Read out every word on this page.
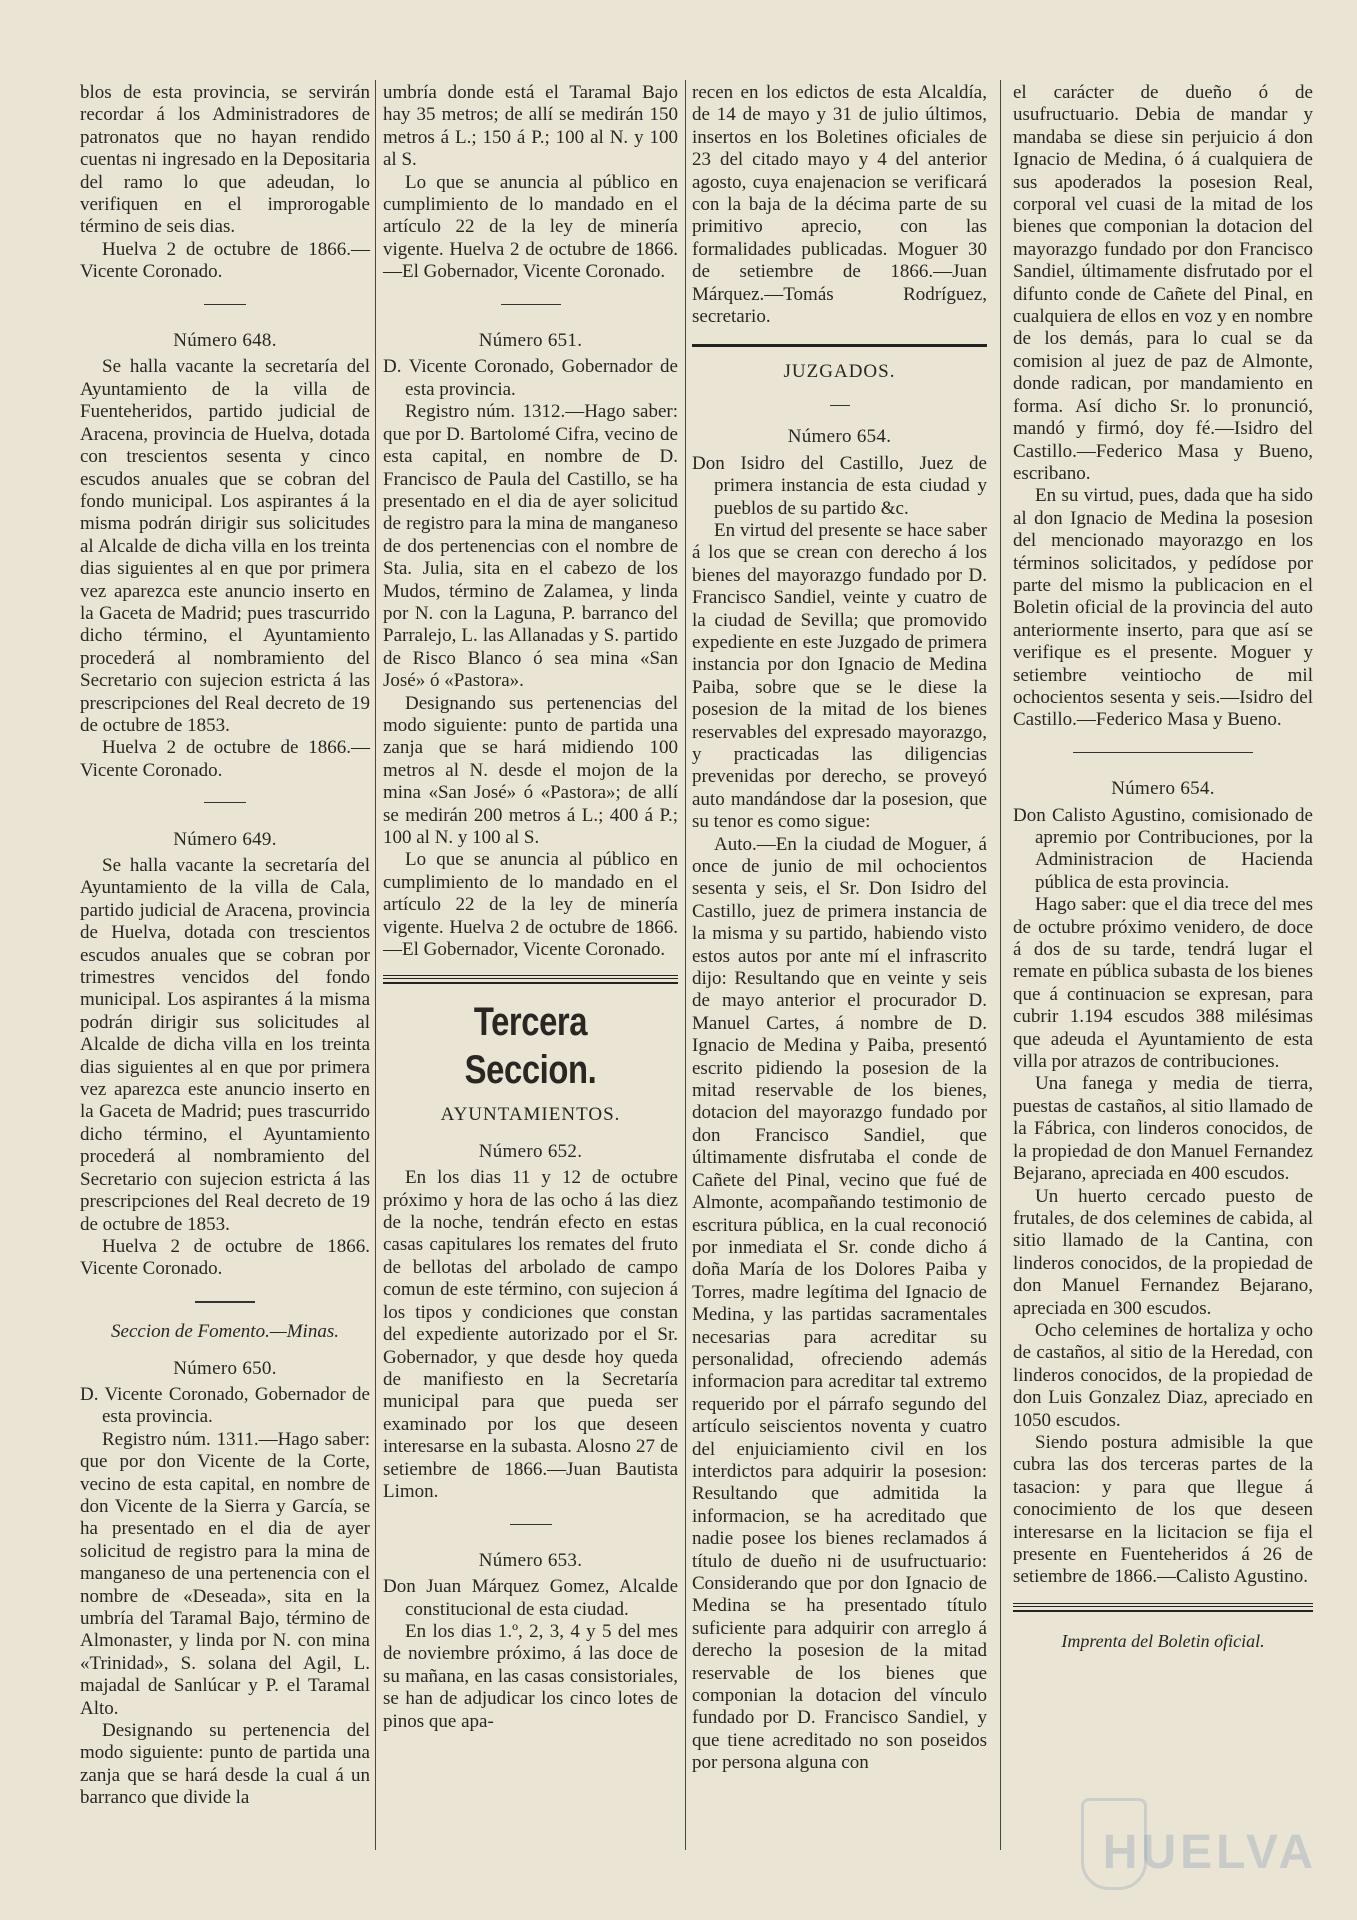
blos de esta provincia, se servirán recordar á los Administradores de patronatos que no hayan rendido cuentas ni ingresado en la Depositaria del ramo lo que adeudan, lo verifiquen en el improrogable término de seis dias.

Huelva 2 de octubre de 1866.—Vicente Coronado.

Número 648.

Se halla vacante la secretaría del Ayuntamiento de la villa de Fuenteheridos, partido judicial de Aracena, provincia de Huelva, dotada con trescientos sesenta y cinco escudos anuales que se cobran del fondo municipal. Los aspirantes á la misma podrán dirigir sus solicitudes al Alcalde de dicha villa en los treinta dias siguientes al en que por primera vez aparezca este anuncio inserto en la Gaceta de Madrid; pues trascurrido dicho término, el Ayuntamiento procederá al nombramiento del Secretario con sujecion estricta á las prescripciones del Real decreto de 19 de octubre de 1853.

Huelva 2 de octubre de 1866.—Vicente Coronado.

Número 649.

Se halla vacante la secretaría del Ayuntamiento de la villa de Cala, partido judicial de Aracena, provincia de Huelva, dotada con trescientos escudos anuales que se cobran por trimestres vencidos del fondo municipal. Los aspirantes á la misma podrán dirigir sus solicitudes al Alcalde de dicha villa en los treinta dias siguientes al en que por primera vez aparezca este anuncio inserto en la Gaceta de Madrid; pues trascurrido dicho término, el Ayuntamiento procederá al nombramiento del Secretario con sujecion estricta á las prescripciones del Real decreto de 19 de octubre de 1853.

Huelva 2 de octubre de 1866. Vicente Coronado.

Seccion de Fomento.—Minas.

Número 650.

D. Vicente Coronado, Gobernador de esta provincia.

Registro núm. 1311.—Hago saber: que por don Vicente de la Corte, vecino de esta capital, en nombre de don Vicente de la Sierra y García, se ha presentado en el dia de ayer solicitud de registro para la mina de manganeso de una pertenencia con el nombre de «Deseada», sita en la umbría del Taramal Bajo, término de Almonaster, y linda por N. con mina «Trinidad», S. solana del Agil, L. majadal de Sanlúcar y P. el Taramal Alto.

Designando su pertenencia del modo siguiente: punto de partida una zanja que se hará desde la cual á un barranco que divide la

umbría donde está el Taramal Bajo hay 35 metros; de allí se medirán 150 metros á L.; 150 á P.; 100 al N. y 100 al S.

Lo que se anuncia al público en cumplimiento de lo mandado en el artículo 22 de la ley de minería vigente. Huelva 2 de octubre de 1866.—El Gobernador, Vicente Coronado.

Número 651.

D. Vicente Coronado, Gobernador de esta provincia.

Registro núm. 1312.—Hago saber: que por D. Bartolomé Cifra, vecino de esta capital, en nombre de D. Francisco de Paula del Castillo, se ha presentado en el dia de ayer solicitud de registro para la mina de manganeso de dos pertenencias con el nombre de Sta. Julia, sita en el cabezo de los Mudos, término de Zalamea, y linda por N. con la Laguna, P. barranco del Parralejo, L. las Allanadas y S. partido de Risco Blanco ó sea mina «San José» ó «Pastora».

Designando sus pertenencias del modo siguiente: punto de partida una zanja que se hará midiendo 100 metros al N. desde el mojon de la mina «San José» ó «Pastora»; de allí se medirán 200 metros á L.; 400 á P.; 100 al N. y 100 al S.

Lo que se anuncia al público en cumplimiento de lo mandado en el artículo 22 de la ley de minería vigente. Huelva 2 de octubre de 1866.—El Gobernador, Vicente Coronado.

Tercera Seccion.

AYUNTAMIENTOS.

Número 652.

En los dias 11 y 12 de octubre próximo y hora de las ocho á las diez de la noche, tendrán efecto en estas casas capitulares los remates del fruto de bellotas del arbolado de campo comun de este término, con sujecion á los tipos y condiciones que constan del expediente autorizado por el Sr. Gobernador, y que desde hoy queda de manifiesto en la Secretaría municipal para que pueda ser examinado por los que deseen interesarse en la subasta. Alosno 27 de setiembre de 1866.—Juan Bautista Limon.

Número 653.

Don Juan Márquez Gomez, Alcalde constitucional de esta ciudad.

En los dias 1.º, 2, 3, 4 y 5 del mes de noviembre próximo, á las doce de su mañana, en las casas consistoriales, se han de adjudicar los cinco lotes de pinos que apa-

recen en los edictos de esta Alcaldía, de 14 de mayo y 31 de julio últimos, insertos en los Boletines oficiales de 23 del citado mayo y 4 del anterior agosto, cuya enajenacion se verificará con la baja de la décima parte de su primitivo aprecio, con las formalidades publicadas. Moguer 30 de setiembre de 1866.—Juan Márquez.—Tomás Rodríguez, secretario.

JUZGADOS.

Número 654.

Don Isidro del Castillo, Juez de primera instancia de esta ciudad y pueblos de su partido &c.

En virtud del presente se hace saber á los que se crean con derecho á los bienes del mayorazgo fundado por D. Francisco Sandiel, veinte y cuatro de la ciudad de Sevilla; que promovido expediente en este Juzgado de primera instancia por don Ignacio de Medina Paiba, sobre que se le diese la posesion de la mitad de los bienes reservables del expresado mayorazgo, y practicadas las diligencias prevenidas por derecho, se proveyó auto mandándose dar la posesion, que su tenor es como sigue:

Auto.—En la ciudad de Moguer, á once de junio de mil ochocientos sesenta y seis, el Sr. Don Isidro del Castillo, juez de primera instancia de la misma y su partido, habiendo visto estos autos por ante mí el infrascrito dijo: Resultando que en veinte y seis de mayo anterior el procurador D. Manuel Cartes, á nombre de D. Ignacio de Medina y Paiba, presentó escrito pidiendo la posesion de la mitad reservable de los bienes, dotacion del mayorazgo fundado por don Francisco Sandiel, que últimamente disfrutaba el conde de Cañete del Pinal, vecino que fué de Almonte, acompañando testimonio de escritura pública, en la cual reconoció por inmediata el Sr. conde dicho á doña María de los Dolores Paiba y Torres, madre legítima del Ignacio de Medina, y las partidas sacramentales necesarias para acreditar su personalidad, ofreciendo además informacion para acreditar tal extremo requerido por el párrafo segundo del artículo seiscientos noventa y cuatro del enjuiciamiento civil en los interdictos para adquirir la posesion: Resultando que admitida la informacion, se ha acreditado que nadie posee los bienes reclamados á título de dueño ni de usufructuario: Considerando que por don Ignacio de Medina se ha presentado título suficiente para adquirir con arreglo á derecho la posesion de la mitad reservable de los bienes que componian la dotacion del vínculo fundado por D. Francisco Sandiel, y que tiene acreditado no son poseidos por persona alguna con

el carácter de dueño ó de usufructuario. Debia de mandar y mandaba se diese sin perjuicio á don Ignacio de Medina, ó á cualquiera de sus apoderados la posesion Real, corporal vel cuasi de la mitad de los bienes que componian la dotacion del mayorazgo fundado por don Francisco Sandiel, últimamente disfrutado por el difunto conde de Cañete del Pinal, en cualquiera de ellos en voz y en nombre de los demás, para lo cual se da comision al juez de paz de Almonte, donde radican, por mandamiento en forma. Así dicho Sr. lo pronunció, mandó y firmó, doy fé.—Isidro del Castillo.—Federico Masa y Bueno, escribano.

En su virtud, pues, dada que ha sido al don Ignacio de Medina la posesion del mencionado mayorazgo en los términos solicitados, y pedídose por parte del mismo la publicacion en el Boletin oficial de la provincia del auto anteriormente inserto, para que así se verifique es el presente. Moguer y setiembre veintiocho de mil ochocientos sesenta y seis.—Isidro del Castillo.—Federico Masa y Bueno.

Número 654.

Don Calisto Agustino, comisionado de apremio por Contribuciones, por la Administracion de Hacienda pública de esta provincia.

Hago saber: que el dia trece del mes de octubre próximo venidero, de doce á dos de su tarde, tendrá lugar el remate en pública subasta de los bienes que á continuacion se expresan, para cubrir 1.194 escudos 388 milésimas que adeuda el Ayuntamiento de esta villa por atrazos de contribuciones.

Una fanega y media de tierra, puestas de castaños, al sitio llamado de la Fábrica, con linderos conocidos, de la propiedad de don Manuel Fernandez Bejarano, apreciada en 400 escudos.

Un huerto cercado puesto de frutales, de dos celemines de cabida, al sitio llamado de la Cantina, con linderos conocidos, de la propiedad de don Manuel Fernandez Bejarano, apreciada en 300 escudos.

Ocho celemines de hortaliza y ocho de castaños, al sitio de la Heredad, con linderos conocidos, de la propiedad de don Luis Gonzalez Diaz, apreciado en 1050 escudos.

Siendo postura admisible la que cubra las dos terceras partes de la tasacion: y para que llegue á conocimiento de los que deseen interesarse en la licitacion se fija el presente en Fuenteheridos á 26 de setiembre de 1866.—Calisto Agustino.

Imprenta del Boletin oficial.

HUELVA
